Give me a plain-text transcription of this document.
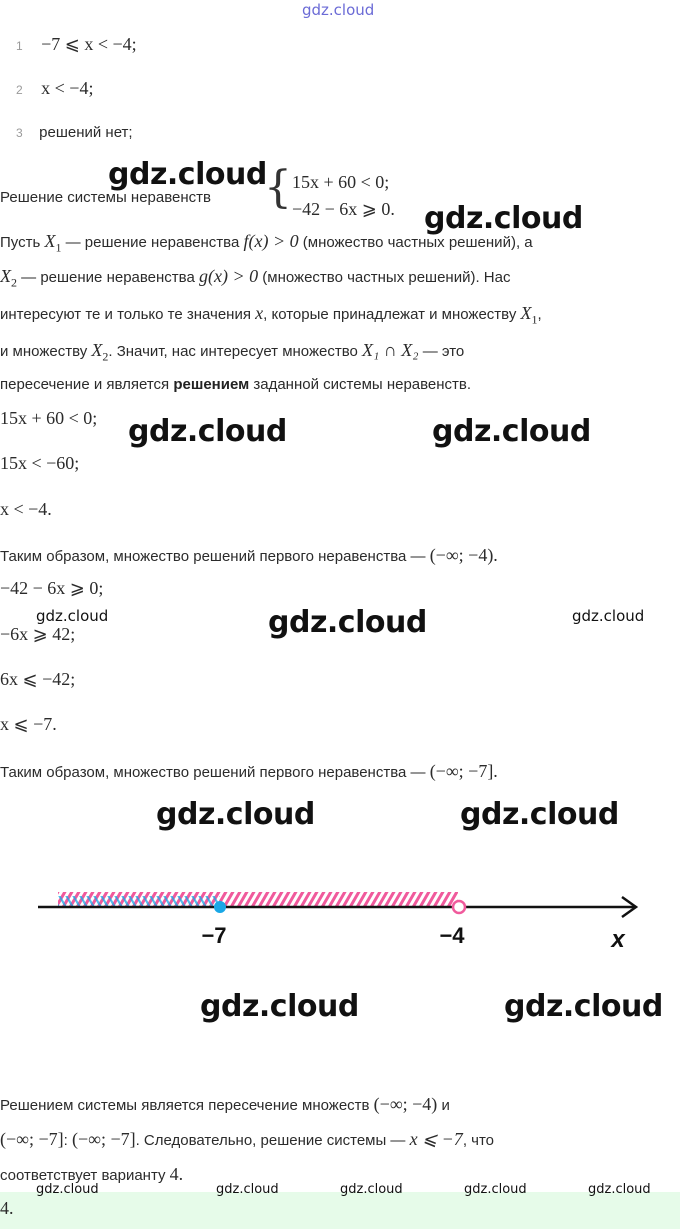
gdz.cloud
1 −7 ⩽ x < −4;
2 x < −4;
3 решений нет;
Решение системы неравенств { 15x + 60 < 0;
−42 − 6x ⩾ 0.
Пусть $X_1$ — решение неравенства f(x) > 0 (множество частных решений), а
$X_2$ — решение неравенства g(x) > 0 (множество частных решений). Нас
интересуют те и только те значения x, которые принадлежат и множеству $X_1$,
и множеству $X_2$. Значит, нас интересует множество X₁ ∩ X₂ — это
пересечение и является решением заданной системы неравенств.
15x + 60 < 0;
15x < −60;
x < −4.
Таким образом, множество решений первого неравенства — (−∞; −4).
−42 − 6x ⩾ 0;
−6x ⩾ 42;
6x ⩽ −42;
x ⩽ −7.
Таким образом, множество решений первого неравенства — (−∞; −7].
−7	−4	x
Решением системы является пересечение множеств (−∞; −4) и
(−∞; −7]: (−∞; −7]. Следовательно, решение системы — x ⩽ −7, что
соответствует варианту 4.
4.
gdz.cloud
gdz.cloud
gdz.cloud	gdz.cloud
gdz.cloud	gdz.cloud	gdz.cloud
gdz.cloud	gdz.cloud
gdz.cloud	gdz.cloud
gdz.cloud	gdz.cloud	gdz.cloud	gdz.cloud	gdz.cloud
